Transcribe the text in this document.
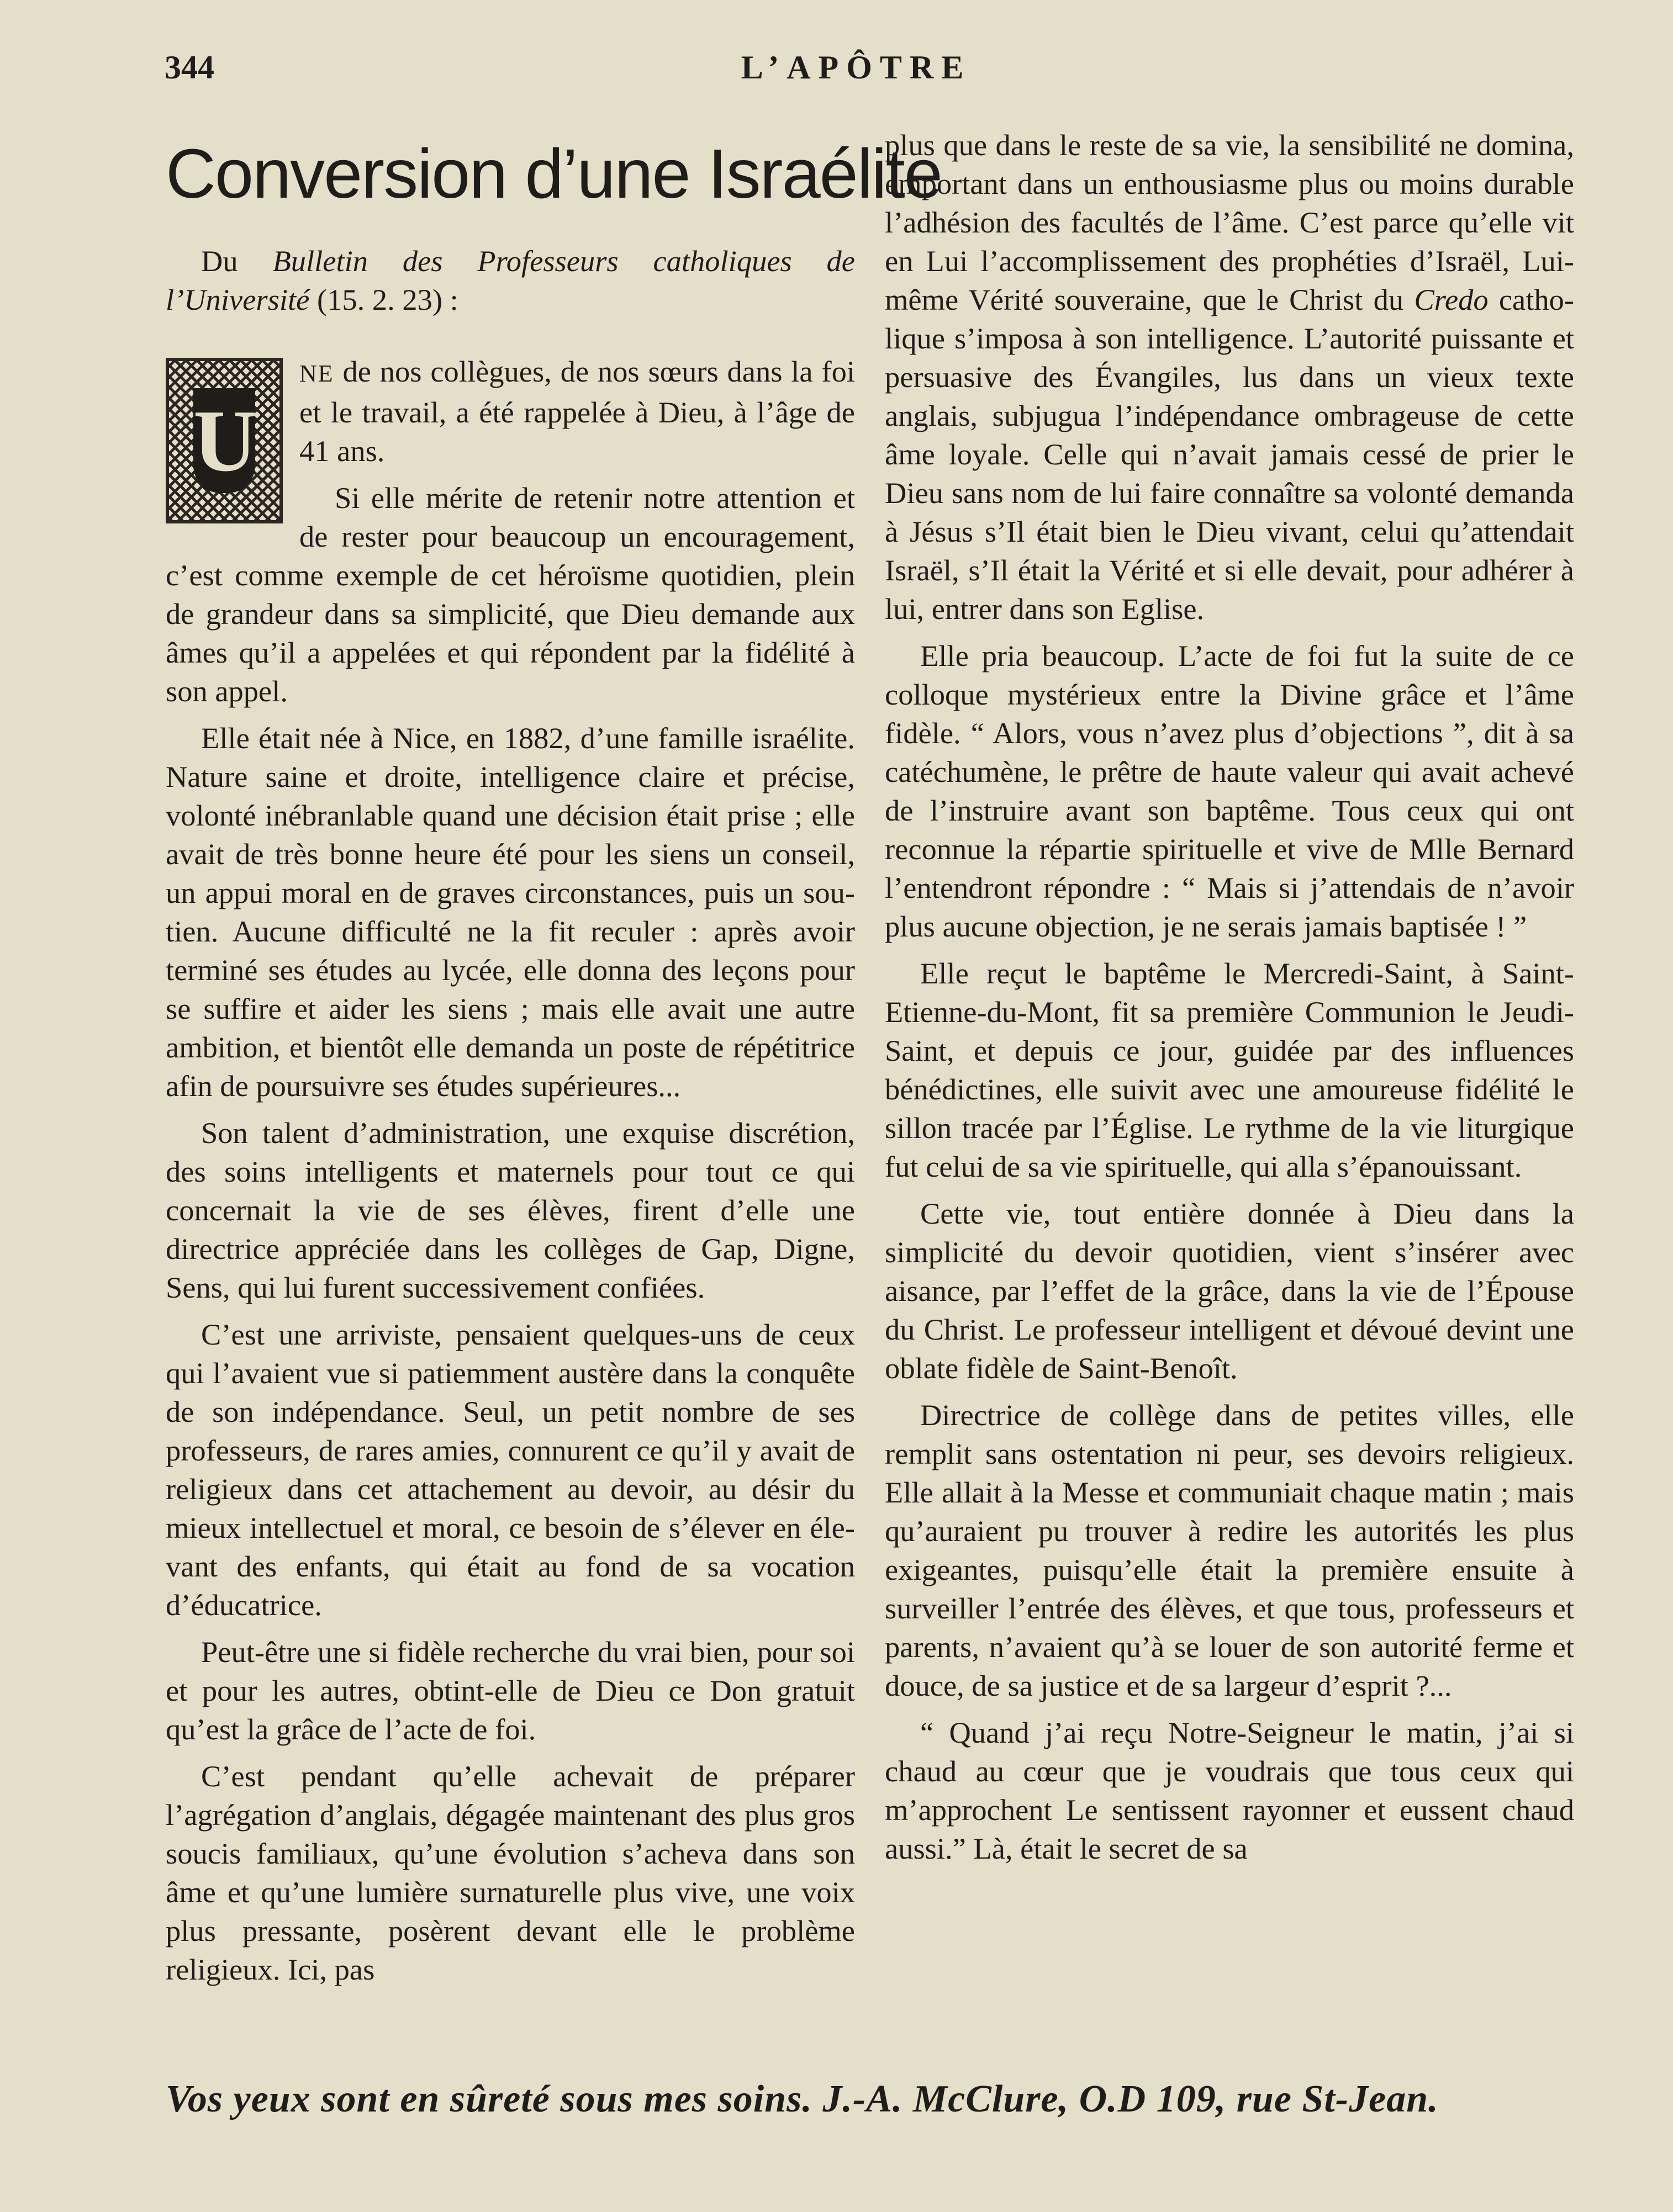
344	L’APÔTRE
Conversion d’une Israélite

Du Bulletin des Professeurs catholiques de l’Université (15. 2. 23) :

U

NE de nos collègues, de nos sœurs dans la foi et le travail, a été rappelée à Dieu, à l’âge de 41 ans.

Si elle mérite de retenir notre attention et de rester pour beaucoup un encouragement, c’est comme exemple de cet héroïsme quotidien, plein de grandeur dans sa simplicité, que Dieu demande aux âmes qu’il a appelées et qui répondent par la fidélité à son appel.

Elle était née à Nice, en 1882, d’une famille israélite. Nature saine et droite, intelligence claire et précise, volonté inébranlable quand une décision était prise ; elle avait de très bonne heure été pour les siens un conseil, un appui moral en de graves circonstances, puis un soutien. Aucune difficulté ne la fit reculer : après avoir terminé ses études au lycée, elle donna des leçons pour se suffire et aider les siens ; mais elle avait une autre ambition, et bientôt elle demanda un poste de répétitrice afin de poursuivre ses études supérieures...

Son talent d’administration, une exquise discrétion, des soins intelligents et maternels pour tout ce qui concernait la vie de ses élèves, firent d’elle une directrice appréciée dans les collèges de Gap, Digne, Sens, qui lui furent successivement confiées.

C’est une arriviste, pensaient quelques-uns de ceux qui l’avaient vue si patiemment austère dans la conquête de son indépendance. Seul, un petit nombre de ses professeurs, de rares amies, connurent ce qu’il y avait de religieux dans cet attachement au devoir, au désir du mieux intellectuel et moral, ce besoin de s’élever en élevant des enfants, qui était au fond de sa vocation d’éducatrice.

Peut-être une si fidèle recherche du vrai bien, pour soi et pour les autres, obtint-elle de Dieu ce Don gratuit qu’est la grâce de l’acte de foi.

C’est pendant qu’elle achevait de préparer l’agrégation d’anglais, dégagée maintenant des plus gros soucis familiaux, qu’une évolution s’acheva dans son âme et qu’une lumière surnaturelle plus vive, une voix plus pressante, posèrent devant elle le problème religieux. Ici, pas

plus que dans le reste de sa vie, la sensibilité ne domina, emportant dans un enthousiasme plus ou moins durable l’adhésion des facultés de l’âme. C’est parce qu’elle vit en Lui l’accomplissement des prophéties d’Israël, Lui-même Vérité souveraine, que le Christ du Credo catholique s’imposa à son intelligence. L’autorité puissante et persuasive des Évangiles, lus dans un vieux texte anglais, subjugua l’indépendance ombrageuse de cette âme loyale. Celle qui n’avait jamais cessé de prier le Dieu sans nom de lui faire connaître sa volonté demanda à Jésus s’Il était bien le Dieu vivant, celui qu’attendait Israël, s’Il était la Vérité et si elle devait, pour adhérer à lui, entrer dans son Eglise.

Elle pria beaucoup. L’acte de foi fut la suite de ce colloque mystérieux entre la Divine grâce et l’âme fidèle. “ Alors, vous n’avez plus d’objections ”, dit à sa catéchumène, le prêtre de haute valeur qui avait achevé de l’instruire avant son baptême. Tous ceux qui ont reconnue la répartie spirituelle et vive de Mlle Bernard l’entendront répondre : “ Mais si j’attendais de n’avoir plus aucune objection, je ne serais jamais baptisée ! ”

Elle reçut le baptême le Mercredi-Saint, à Saint-Etienne-du-Mont, fit sa première Communion le Jeudi-Saint, et depuis ce jour, guidée par des influences bénédictines, elle suivit avec une amoureuse fidélité le sillon tracée par l’Église. Le rythme de la vie liturgique fut celui de sa vie spirituelle, qui alla s’épanouissant.

Cette vie, tout entière donnée à Dieu dans la simplicité du devoir quotidien, vient s’insérer avec aisance, par l’effet de la grâce, dans la vie de l’Épouse du Christ. Le professeur intelligent et dévoué devint une oblate fidèle de Saint-Benoît.

Directrice de collège dans de petites villes, elle remplit sans ostentation ni peur, ses devoirs religieux. Elle allait à la Messe et communiait chaque matin ; mais qu’auraient pu trouver à redire les autorités les plus exigeantes, puisqu’elle était la première ensuite à surveiller l’entrée des élèves, et que tous, professeurs et parents, n’avaient qu’à se louer de son autorité ferme et douce, de sa justice et de sa largeur d’esprit ?...

“ Quand j’ai reçu Notre-Seigneur le matin, j’ai si chaud au cœur que je voudrais que tous ceux qui m’approchent Le sentissent rayonner et eussent chaud aussi.” Là, était le secret de sa

Vos yeux sont en sûreté sous mes soins. J.-A. McClure, O.D 109, rue St-Jean.
